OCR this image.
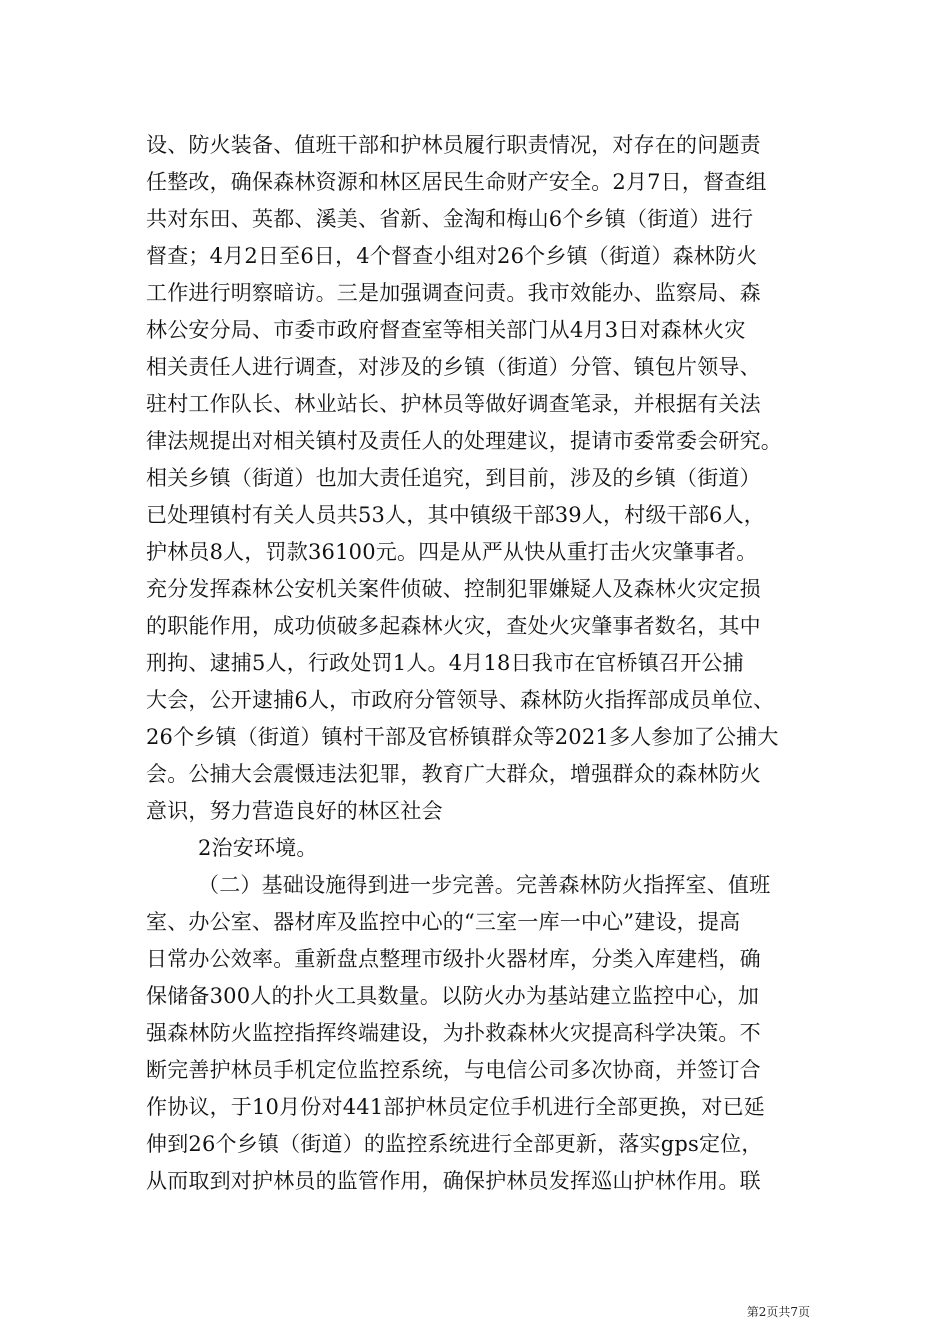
设、防火装备、值班干部和护林员履行职责情况，对存在的问题责
任整改，确保森林资源和林区居民生命财产安全。2月7日，督查组
共对东田、英都、溪美、省新、金淘和梅山6个乡镇（街道）进行
督查；4月2日至6日，4个督查小组对26个乡镇（街道）森林防火
工作进行明察暗访。三是加强调查问责。我市效能办、监察局、森
林公安分局、市委市政府督查室等相关部门从4月3日对森林火灾
相关责任人进行调查，对涉及的乡镇（街道）分管、镇包片领导、
驻村工作队长、林业站长、护林员等做好调查笔录，并根据有关法
律法规提出对相关镇村及责任人的处理建议，提请市委常委会研究。
相关乡镇（街道）也加大责任追究，到目前，涉及的乡镇（街道）
已处理镇村有关人员共53人，其中镇级干部39人，村级干部6人，
护林员8人，罚款36100元。四是从严从快从重打击火灾肇事者。
充分发挥森林公安机关案件侦破、控制犯罪嫌疑人及森林火灾定损
的职能作用，成功侦破多起森林火灾，查处火灾肇事者数名，其中
刑拘、逮捕5人，行政处罚1人。4月18日我市在官桥镇召开公捕
大会，公开逮捕6人，市政府分管领导、森林防火指挥部成员单位、
26个乡镇（街道）镇村干部及官桥镇群众等2021多人参加了公捕大
会。公捕大会震慑违法犯罪，教育广大群众，增强群众的森林防火
意识，努力营造良好的林区社会
2治安环境。
（二）基础设施得到进一步完善。完善森林防火指挥室、值班
室、办公室、器材库及监控中心的“三室一库一中心”建设，提高
日常办公效率。重新盘点整理市级扑火器材库，分类入库建档，确
保储备300人的扑火工具数量。以防火办为基站建立监控中心，加
强森林防火监控指挥终端建设，为扑救森林火灾提高科学决策。不
断完善护林员手机定位监控系统，与电信公司多次协商，并签订合
作协议，于10月份对441部护林员定位手机进行全部更换，对已延
伸到26个乡镇（街道）的监控系统进行全部更新，落实gps定位，
从而取到对护林员的监管作用，确保护林员发挥巡山护林作用。联
第2页共7页
